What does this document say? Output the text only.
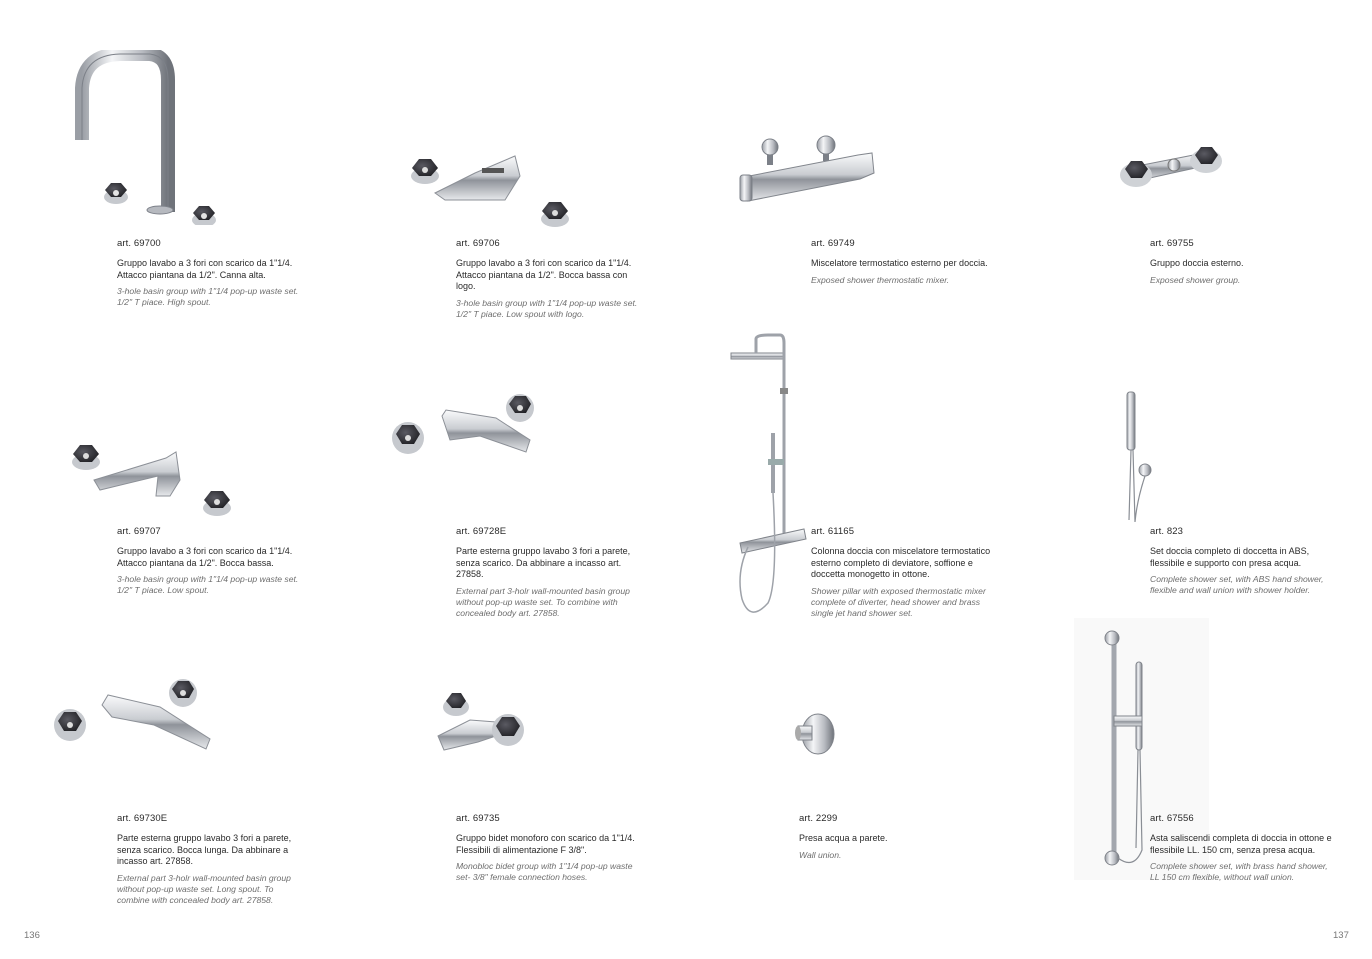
art. 69700

Gruppo lavabo a 3 fori con scarico da 1"1/4. Attacco piantana da 1/2". Canna alta.

3-hole basin group with 1"1/4 pop-up waste set. 1/2" T piace. High spout.

art. 69706

Gruppo lavabo a 3 fori con scarico da 1"1/4. Attacco piantana da 1/2". Bocca bassa con logo.

3-hole basin group with 1"1/4 pop-up waste set. 1/2" T piace. Low spout with logo.

art. 69749

Miscelatore termostatico esterno per doccia.

Exposed shower thermostatic mixer.

art. 69755

Gruppo doccia esterno.

Exposed shower group.

art. 69707

Gruppo lavabo a 3 fori con scarico da 1"1/4. Attacco piantana da 1/2". Bocca bassa.

3-hole basin group with 1"1/4 pop-up waste set. 1/2" T piace. Low spout.

art. 69728E

Parte esterna gruppo lavabo 3 fori a parete, senza scarico. Da abbinare a incasso art. 27858.

External part 3-holr wall-mounted basin group without pop-up waste set. To combine with concealed body art. 27858.

art. 61165

Colonna doccia con miscelatore termostatico esterno completo di deviatore, soffione e doccetta monogetto in ottone.

Shower pillar with exposed thermostatic mixer complete of diverter, head shower and brass single jet hand shower set.

art. 823

Set doccia completo di doccetta in ABS, flessibile e supporto con presa acqua.

Complete shower set, with ABS hand shower, flexible and wall union with shower holder.

art. 69730E

Parte esterna gruppo lavabo 3 fori a parete, senza scarico. Bocca lunga. Da abbinare a incasso art. 27858.

External part 3-holr wall-mounted basin group without pop-up waste set. Long spout. To combine with concealed body art. 27858.

art. 69735

Gruppo bidet monoforo con scarico da 1"1/4. Flessibili di alimentazione F 3/8".

Monobloc bidet group with 1"1/4 pop-up waste set- 3/8" female connection hoses.

art. 2299

Presa acqua a parete.

Wall union.

art. 67556

Asta saliscendi completa di doccia in ottone e flessibile LL. 150 cm, senza presa acqua.

Complete shower set, with brass hand shower, LL 150 cm flexible, without wall union.

136	137
